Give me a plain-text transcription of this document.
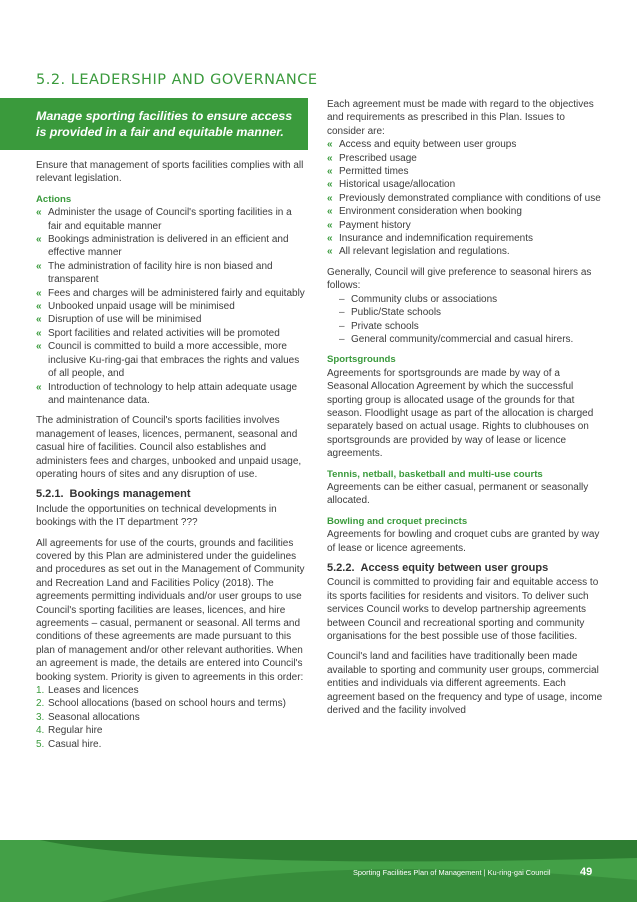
5.2. LEADERSHIP AND GOVERNANCE
Manage sporting facilities to ensure access is provided in a fair and equitable manner.

Ensure that management of sports facilities complies with all relevant legislation.

Actions
« Administer the usage of Council's sporting facilities in a fair and equitable manner
« Bookings administration is delivered in an efficient and effective manner
« The administration of facility hire is non biased and transparent
« Fees and charges will be administered fairly and equitably
« Unbooked unpaid usage will be minimised
« Disruption of use will be minimised
« Sport facilities and related activities will be promoted
« Council is committed to build a more accessible, more inclusive Ku-ring-gai that embraces the rights and values of all people, and
« Introduction of technology to help attain adequate usage and maintenance data.

The administration of Council's sports facilities involves management of leases, licences, permanent, seasonal and casual hire of facilities. Council also establishes and administers fees and charges, unbooked and unpaid usage, operating hours of sites and any disruption of use.

5.2.1. Bookings management

Include the opportunities on technical developments in bookings with the IT department ???

All agreements for use of the courts, grounds and facilities covered by this Plan are administered under the guidelines and procedures as set out in the Management of Community and Recreation Land and Facilities Policy (2018). The agreements permitting individuals and/or user groups to use Council's sporting facilities are leases, licences, and hire agreements – casual, permanent or seasonal. All terms and conditions of these agreements are made pursuant to this plan of management and/or other relevant authorities. When an agreement is made, the details are entered into Council's booking system. Priority is given to agreements in this order:

1. Leases and licences
2. School allocations (based on school hours and terms)
3. Seasonal allocations
4. Regular hire
5. Casual hire.

Each agreement must be made with regard to the objectives and requirements as prescribed in this Plan. Issues to consider are:

« Access and equity between user groups
« Prescribed usage
« Permitted times
« Historical usage/allocation
« Previously demonstrated compliance with conditions of use
« Environment consideration when booking
« Payment history
« Insurance and indemnification requirements
« All relevant legislation and regulations.

Generally, Council will give preference to seasonal hirers as follows:

– Community clubs or associations
– Public/State schools
– Private schools
– General community/commercial and casual hirers.
Sportsgrounds

Agreements for sportsgrounds are made by way of a Seasonal Allocation Agreement by which the successful sporting group is allocated usage of the grounds for that season. Floodlight usage as part of the allocation is charged separately based on actual usage. Rights to clubhouses on sportsgrounds are provided by way of lease or licence agreements.

Tennis, netball, basketball and multi-use courts

Agreements can be either casual, permanent or seasonally allocated.

Bowling and croquet precincts

Agreements for bowling and croquet cubs are granted by way of lease or licence agreements.

5.2.2. Access equity between user groups

Council is committed to providing fair and equitable access to its sports facilities for residents and visitors. To deliver such services Council works to develop partnership agreements between Council and recreational sporting and community organisations for the best possible use of those facilities.

Council's land and facilities have traditionally been made available to sporting and community user groups, commercial entities and individuals via different agreements. Each agreement based on the frequency and type of usage, income derived and the facility involved

Sporting Facilities Plan of Management | Ku-ring-gai Council	49
